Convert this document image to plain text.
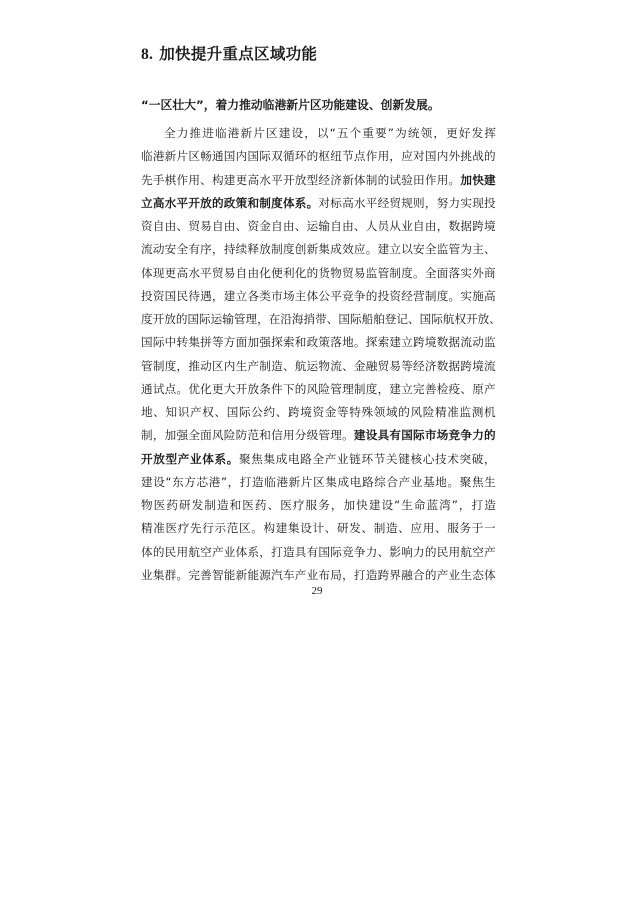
8. 加快提升重点区域功能
“一区壮大”，着力推动临港新片区功能建设、创新发展。
全 力 推 进 临 港 新 片 区 建 设 ， 以 “ 五 个 重 要 ” 为 统 领 ， 更 好 发 挥
临 港 新 片 区 畅 通 国 内 国 际 双 循 环 的 枢 纽 节 点 作 用 ， 应 对 国 内 外 挑 战 的
先 手 棋 作 用 、 构 建 更 高 水 平 开 放 型 经 济 新 体 制 的 试 验 田 作 用 。 加 快 建
立 高 水 平 开 放 的 政 策 和 制 度 体 系 。 对 标 高 水 平 经 贸 规 则 ， 努 力 实 现 投
资 自 由 、 贸 易 自 由 、 资 金 自 由 、 运 输 自 由 、 人 员 从 业 自 由 ， 数 据 跨 境
流 动 安 全 有 序 ， 持 续 释 放 制 度 创 新 集 成 效 应 。 建 立 以 安 全 监 管 为 主 、
体 现 更 高 水 平 贸 易 自 由 化 便 利 化 的 货 物 贸 易 监 管 制 度 。 全 面 落 实 外 商
投 资 国 民 待 遇 ， 建 立 各 类 市 场 主 体 公 平 竞 争 的 投 资 经 营 制 度 。 实 施 高
度 开 放 的 国 际 运 输 管 理 ， 在 沿 海 捎 带 、 国 际 船 舶 登 记 、 国 际 航 权 开 放 、
国 际 中 转 集 拼 等 方 面 加 强 探 索 和 政 策 落 地 。 探 索 建 立 跨 境 数 据 流 动 监
管 制 度 ， 推 动 区 内 生 产 制 造 、 航 运 物 流 、 金 融 贸 易 等 经 济 数 据 跨 境 流
通 试 点 。 优 化 更 大 开 放 条 件 下 的 风 险 管 理 制 度 ， 建 立 完 善 检 疫 、 原 产
地 、 知 识 产 权 、 国 际 公 约 、 跨 境 资 金 等 特 殊 领 域 的 风 险 精 准 监 测 机
制 ， 加 强 全 面 风 险 防 范 和 信 用 分 级 管 理 。 建 设 具 有 国 际 市 场 竞 争 力 的
开 放 型 产 业 体 系 。 聚 焦 集 成 电 路 全 产 业 链 环 节 关 键 核 心 技 术 突 破 ，
建 设 “ 东 方 芯 港 ” ， 打 造 临 港 新 片 区 集 成 电 路 综 合 产 业 基 地 。 聚 焦 生
物 医 药 研 发 制 造 和 医 药 、 医 疗 服 务 ， 加 快 建 设 “ 生 命 蓝 湾 ” ， 打 造
精 准 医 疗 先 行 示 范 区 。 构 建 集 设 计 、 研 发 、 制 造 、 应 用 、 服 务 于 一
体 的 民 用 航 空 产 业 体 系 ， 打 造 具 有 国 际 竞 争 力 、 影 响 力 的 民 用 航 空 产
业 集 群 。 完 善 智 能 新 能 源 汽 车 产 业 布 局 ， 打 造 跨 界 融 合 的 产 业 生 态 体
29
